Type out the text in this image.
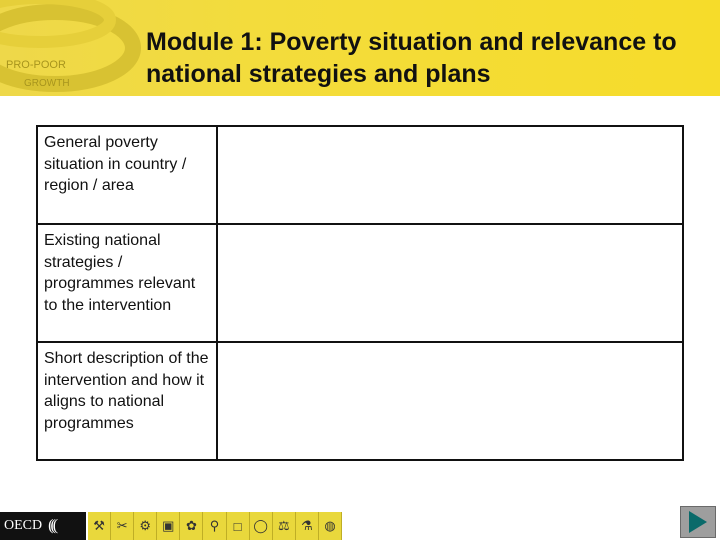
PRO-POOR
GROWTH
Module 1: Poverty situation and relevance to national strategies and plans
General poverty situation in country / region / area
Existing national strategies / programmes relevant to the intervention
Short description of the intervention and how it aligns to national programmes
OECD (((	⚒ ✂ ⚙ ▣ ✿ ⚲	□ ◯ ⚖ ⚗ ◍
